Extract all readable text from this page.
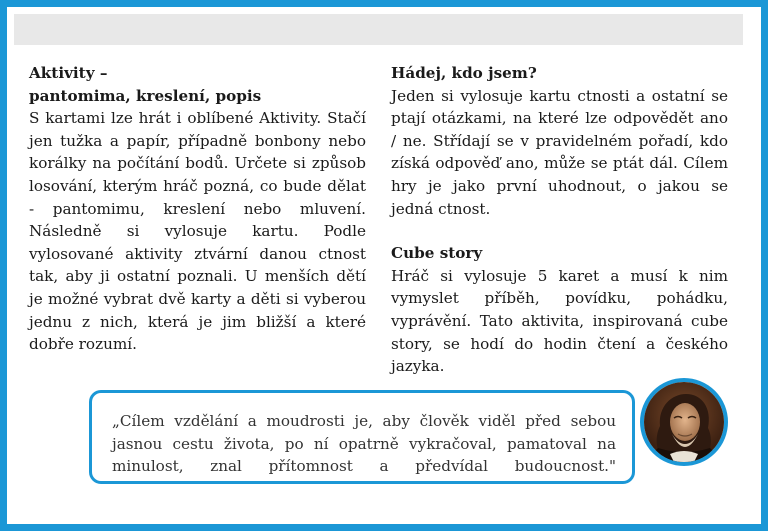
Aktivity –
pantomima, kreslení, popis

S kartami lze hrát i oblíbené Aktivity. Stačí jen tužka a papír, případně bonbony nebo korálky na počítání bodů. Určete si způsob losování, kterým hráč pozná, co bude dělat - pantomimu, kreslení nebo mluvení. Následně si vylosuje kartu. Podle vylosované aktivity ztvární danou ctnost tak, aby ji ostatní poznali. U menších dětí je možné vybrat dvě karty a děti si vyberou jednu z nich, která je jim bližší a které dobře rozumí.

Hádej, kdo jsem?

Jeden si vylosuje kartu ctnosti a ostatní se ptají otázkami, na které lze odpovědět ano / ne. Střídají se v pravidelném pořadí, kdo získá odpověď ano, může se ptát dál. Cílem hry je jako první uhodnout, o jakou se jedná ctnost.

Cube story

Hráč si vylosuje 5 karet a musí k nim vymyslet příběh, povídku, pohádku, vyprávění. Tato aktivita, inspirovaná cube story, se hodí do hodin čtení a českého jazyka.

„Cílem vzdělání a moudrosti je, aby člověk viděl před sebou jasnou cestu života, po ní opatrně vykračoval, pamatoval na minulost, znal přítomnost a předvídal budoucnost."
